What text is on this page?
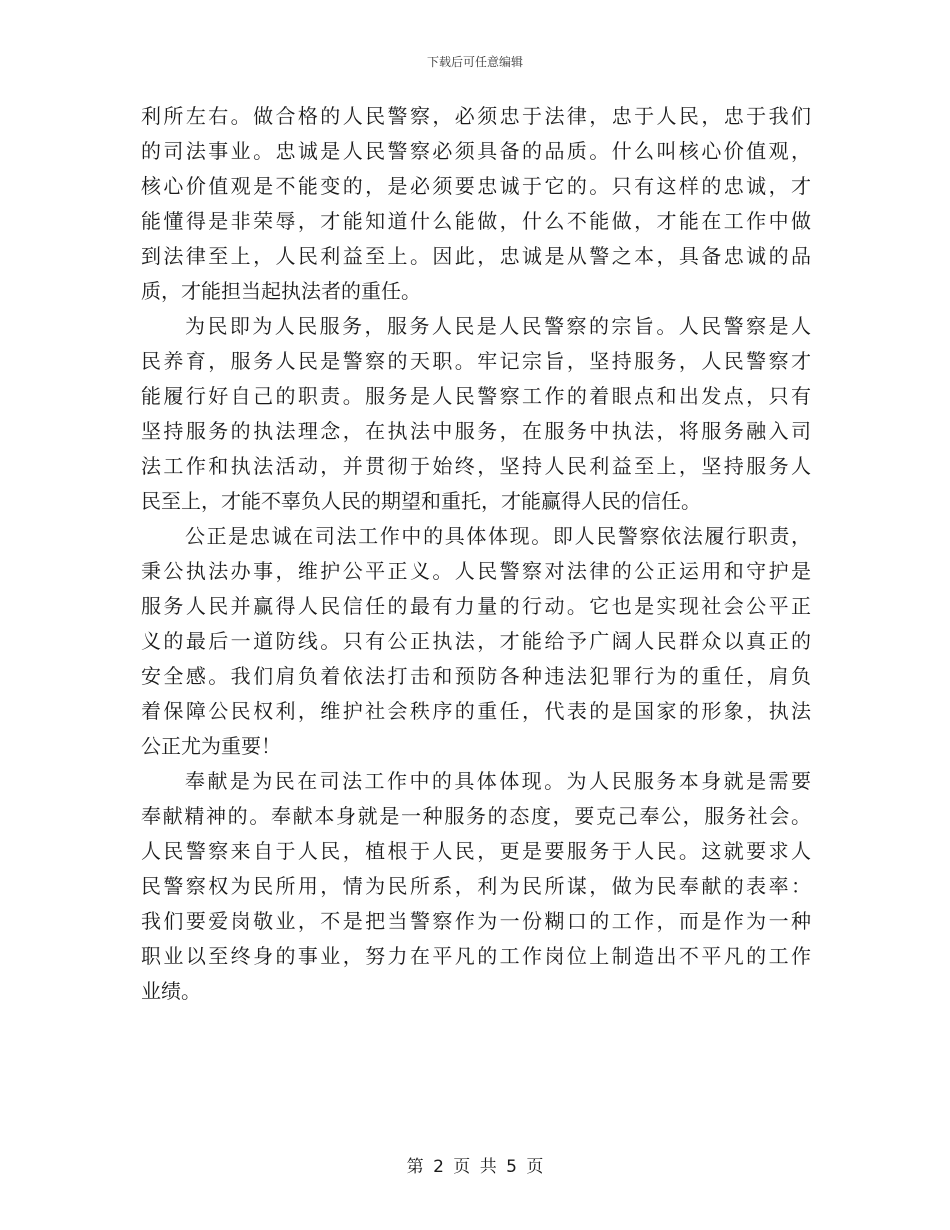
下载后可任意编辑
利所左右。做合格的人民警察，必须忠于法律，忠于人民，忠于我们
的司法事业。忠诚是人民警察必须具备的品质。什么叫核心价值观，
核心价值观是不能变的，是必须要忠诚于它的。只有这样的忠诚，才
能懂得是非荣辱，才能知道什么能做，什么不能做，才能在工作中做
到法律至上，人民利益至上。因此，忠诚是从警之本，具备忠诚的品
质，才能担当起执法者的重任。
为民即为人民服务，服务人民是人民警察的宗旨。人民警察是人
民养育，服务人民是警察的天职。牢记宗旨，坚持服务，人民警察才
能履行好自己的职责。服务是人民警察工作的着眼点和出发点，只有
坚持服务的执法理念，在执法中服务，在服务中执法，将服务融入司
法工作和执法活动，并贯彻于始终，坚持人民利益至上，坚持服务人
民至上，才能不辜负人民的期望和重托，才能赢得人民的信任。
公正是忠诚在司法工作中的具体体现。即人民警察依法履行职责，
秉公执法办事，维护公平正义。人民警察对法律的公正运用和守护是
服务人民并赢得人民信任的最有力量的行动。它也是实现社会公平正
义的最后一道防线。只有公正执法，才能给予广阔人民群众以真正的
安全感。我们肩负着依法打击和预防各种违法犯罪行为的重任，肩负
着保障公民权利，维护社会秩序的重任，代表的是国家的形象，执法
公正尤为重要！
奉献是为民在司法工作中的具体体现。为人民服务本身就是需要
奉献精神的。奉献本身就是一种服务的态度，要克己奉公，服务社会。
人民警察来自于人民，植根于人民，更是要服务于人民。这就要求人
民警察权为民所用，情为民所系，利为民所谋，做为民奉献的表率：
我们要爱岗敬业，不是把当警察作为一份糊口的工作，而是作为一种
职业以至终身的事业，努力在平凡的工作岗位上制造出不平凡的工作
业绩。
第 2 页 共 5 页
